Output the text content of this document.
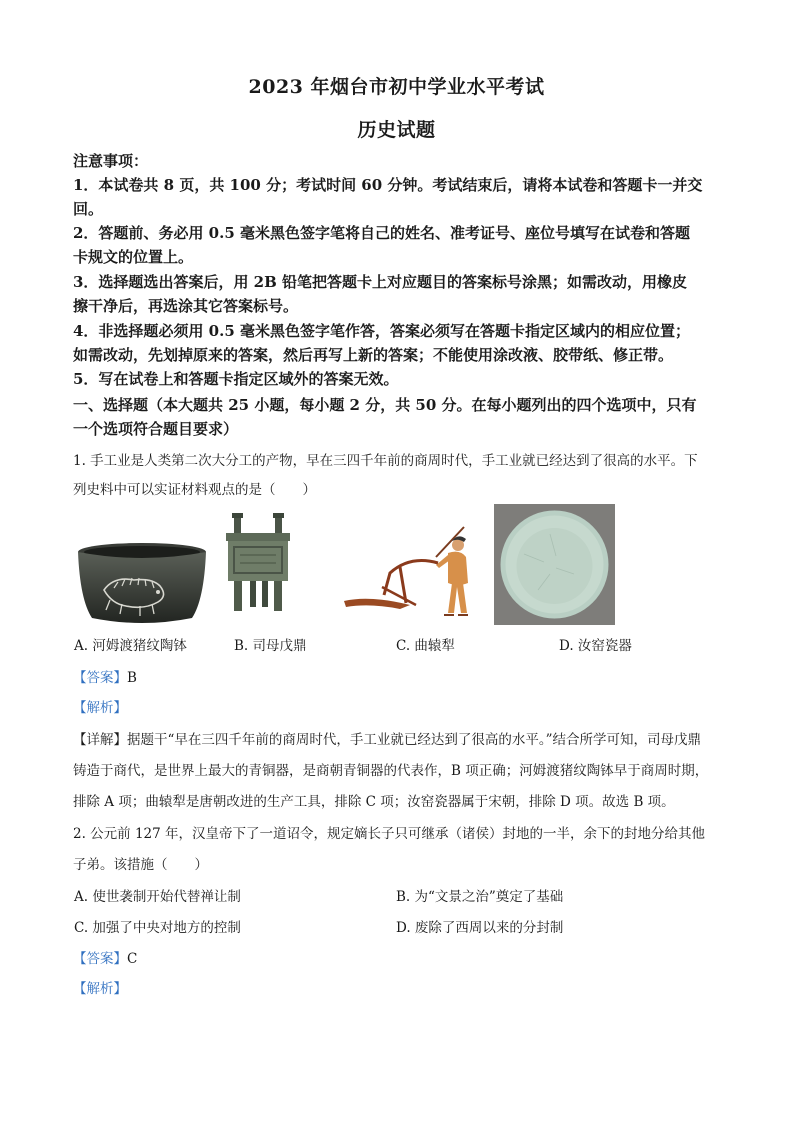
2023 年烟台市初中学业水平考试
历史试题
注意事项：
1．本试卷共 8 页，共 100 分；考试时间 60 分钟。考试结束后，请将本试卷和答题卡一并交
回。
2．答题前、务必用 0.5 毫米黑色签字笔将自己的姓名、准考证号、座位号填写在试卷和答题
卡规文的位置上。
3．选择题选出答案后，用 2B 铅笔把答题卡上对应题目的答案标号涂黑；如需改动，用橡皮
擦干净后，再选涂其它答案标号。
4．非选择题必须用 0.5 毫米黑色签字笔作答，答案必须写在答题卡指定区域内的相应位置；
如需改动，先划掉原来的答案，然后再写上新的答案；不能使用涂改液、胶带纸、修正带。
5．写在试卷上和答题卡指定区域外的答案无效。
一、选择题（本大题共 25 小题，每小题 2 分，共 50 分。在每小题列出的四个选项中，只有
一个选项符合题目要求）
1. 手工业是人类第二次大分工的产物，早在三四千年前的商周时代，手工业就已经达到了很高的水平。下
列史料中可以实证材料观点的是（　　）
A. 河姆渡猪纹陶钵	B. 司母戊鼎	C. 曲辕犁	D. 汝窑瓷器
【答案】B
【解析】
【详解】据题干“早在三四千年前的商周时代，手工业就已经达到了很高的水平。”结合所学可知，司母戊鼎
铸造于商代，是世界上最大的青铜器，是商朝青铜器的代表作，B 项正确；河姆渡猪纹陶钵早于商周时期，
排除 A 项；曲辕犁是唐朝改进的生产工具，排除 C 项；汝窑瓷器属于宋朝，排除 D 项。故选 B 项。
2. 公元前 127 年，汉皇帝下了一道诏令，规定嫡长子只可继承（诸侯）封地的一半，余下的封地分给其他
子弟。该措施（　　）
A. 使世袭制开始代替禅让制	B. 为“文景之治”奠定了基础
C. 加强了中央对地方的控制	D. 废除了西周以来的分封制
【答案】C
【解析】
